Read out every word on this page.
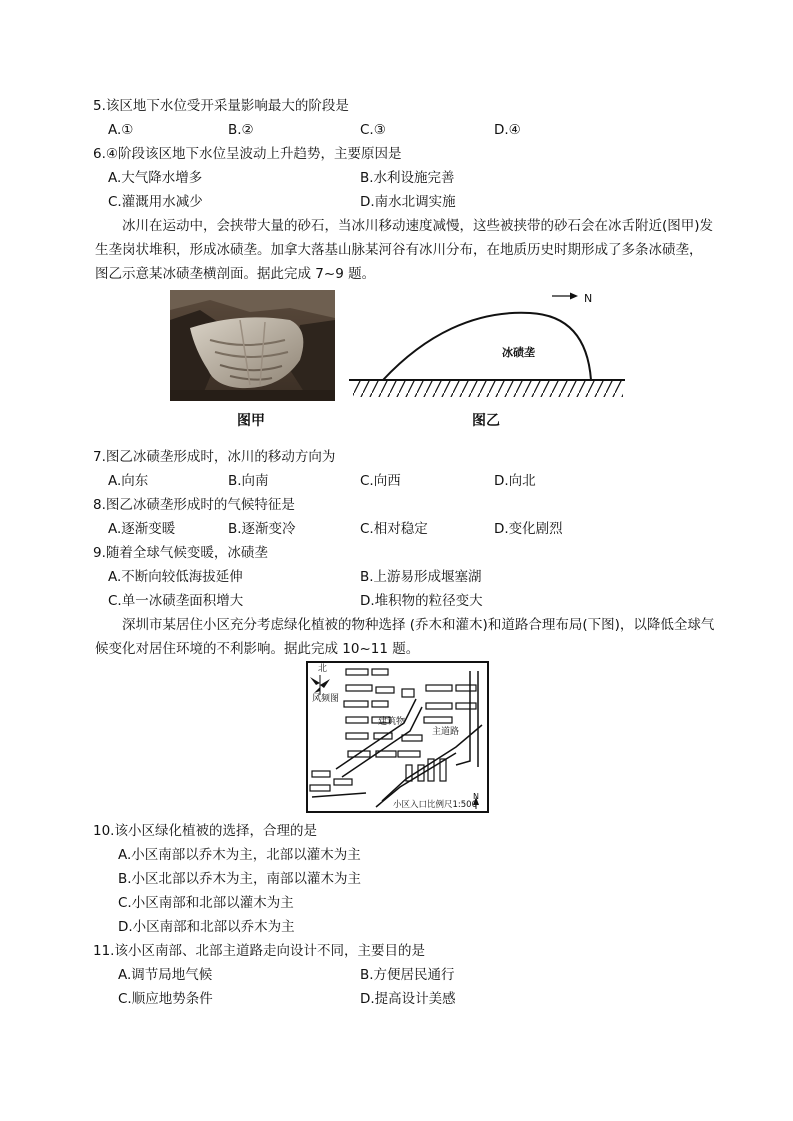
5.该区地下水位受开采量影响最大的阶段是
A.①	B.②	C.③	D.④
6.④阶段该区地下水位呈波动上升趋势，主要原因是
A.大气降水增多	B.水利设施完善
C.灌溉用水减少	D.南水北调实施
冰川在运动中，会挟带大量的砂石，当冰川移动速度减慢，这些被挟带的砂石会在冰舌附近(图甲)发生垄岗状堆积，形成冰碛垄。加拿大落基山脉某河谷有冰川分布，在地质历史时期形成了多条冰碛垄，图乙示意某冰碛垄横剖面。据此完成 7~9 题。
图甲
N
冰碛垄
图乙
7.图乙冰碛垄形成时，冰川的移动方向为
A.向东	B.向南	C.向西	D.向北
8.图乙冰碛垄形成时的气候特征是
A.逐渐变暖	B.逐渐变冷	C.相对稳定	D.变化剧烈
9.随着全球气候变暖，冰碛垄
A.不断向较低海拔延伸	B.上游易形成堰塞湖
C.单一冰碛垄面积增大	D.堆积物的粒径变大
深圳市某居住小区充分考虑绿化植被的物种选择 (乔木和灌木)和道路合理布局(下图)，以降低全球气候变化对居住环境的不利影响。据此完成 10~11 题。
北
风频图
建筑物
主道路
小区入口 比例尺1:500
N
10.该小区绿化植被的选择，合理的是
A.小区南部以乔木为主，北部以灌木为主
B.小区北部以乔木为主，南部以灌木为主
C.小区南部和北部以灌木为主
D.小区南部和北部以乔木为主
11.该小区南部、北部主道路走向设计不同，主要目的是
A.调节局地气候	B.方便居民通行
C.顺应地势条件	D.提高设计美感
